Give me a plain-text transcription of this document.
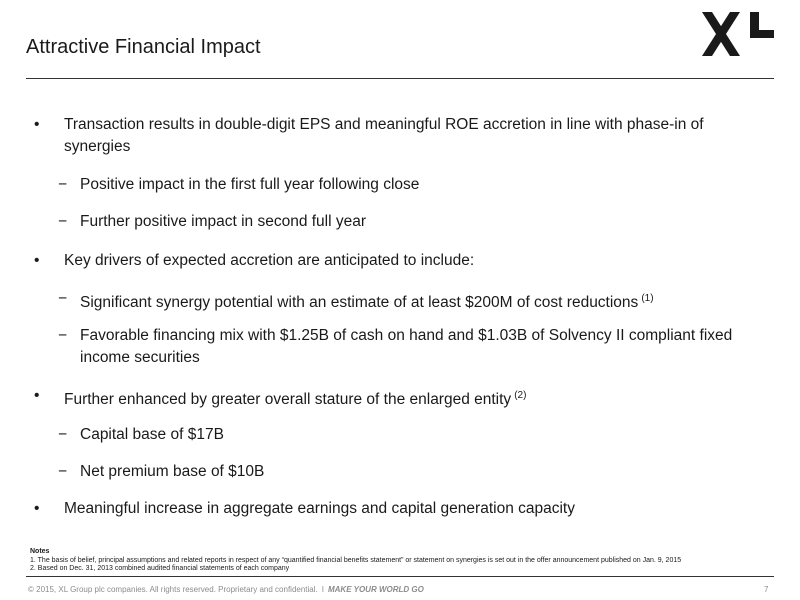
Attractive Financial Impact
•	Transaction results in double-digit EPS and meaningful ROE accretion in line with phase-in of synergies
− Positive impact in the first full year following close
− Further positive impact in second full year
•	Key drivers of expected accretion are anticipated to include:
− Significant synergy potential with an estimate of at least $200M of cost reductions $^{(1)}$
− Favorable financing mix with $1.25B of cash on hand and $1.03B of Solvency II compliant fixed income securities
•	Further enhanced by greater overall stature of the enlarged entity $^{(2)}$
− Capital base of $17B
− Net premium base of $10B
•	Meaningful increase in aggregate earnings and capital generation capacity
Notes
1. The basis of belief, principal assumptions and related reports in respect of any “quantified financial benefits statement” or statement on synergies is set out in the offer announcement published on Jan. 9, 2015
2. Based on Dec. 31, 2013 combined audited financial statements of each company
© 2015, XL Group plc companies. All rights reserved. Proprietary and confidential. I MAKE YOUR WORLD GO	7
